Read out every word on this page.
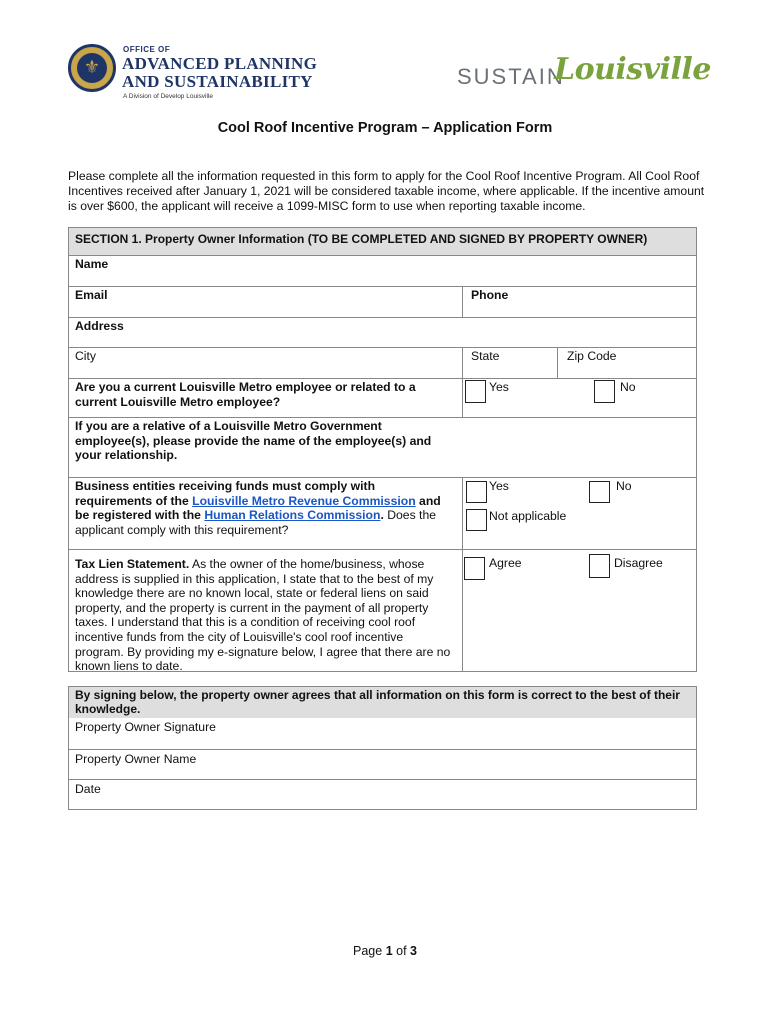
⚜
OFFICE OF
ADVANCED PLANNING
AND SUSTAINABILITY
A Division of Develop Louisville
SUSTAIN
Louisville
Cool Roof Incentive Program – Application Form
Please complete all the information requested in this form to apply for the Cool Roof Incentive Program. All Cool Roof Incentives received after January 1, 2021 will be considered taxable income, where applicable. If the incentive amount is over $600, the applicant will receive a 1099-MISC form to use when reporting taxable income.
SECTION 1. Property Owner Information (TO BE COMPLETED AND SIGNED BY PROPERTY OWNER)
Name
Email	Phone
Address
City	State	Zip Code
Are you a current Louisville Metro employee or related to a current Louisville Metro employee?
Yes	No
If you are a relative of a Louisville Metro Government employee(s), please provide the name of the employee(s) and your relationship.
Business entities receiving funds must comply with requirements of the Louisville Metro Revenue Commission and be registered with the Human Relations Commission. Does the applicant comply with this requirement?
Yes	No
Not applicable
Tax Lien Statement. As the owner of the home/business, whose address is supplied in this application, I state that to the best of my knowledge there are no known local, state or federal liens on said property, and the property is current in the payment of all property taxes. I understand that this is a condition of receiving cool roof incentive funds from the city of Louisville's cool roof incentive program. By providing my e-signature below, I agree that there are no known liens to date.
Agree	Disagree
By signing below, the property owner agrees that all information on this form is correct to the best of their knowledge.
Property Owner Signature
Property Owner Name
Date
Page 1 of 3
